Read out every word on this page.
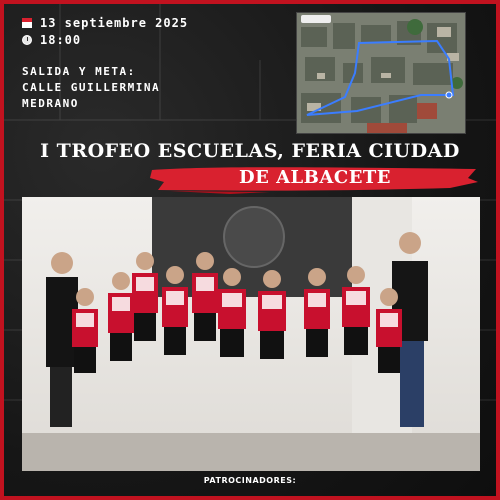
13 septiembre 2025
18:00
SALIDA Y META:
CALLE GUILLERMINA
MEDRANO
I TROFEO ESCUELAS, FERIA CIUDAD
DE ALBACETE
PATROCINADORES:
